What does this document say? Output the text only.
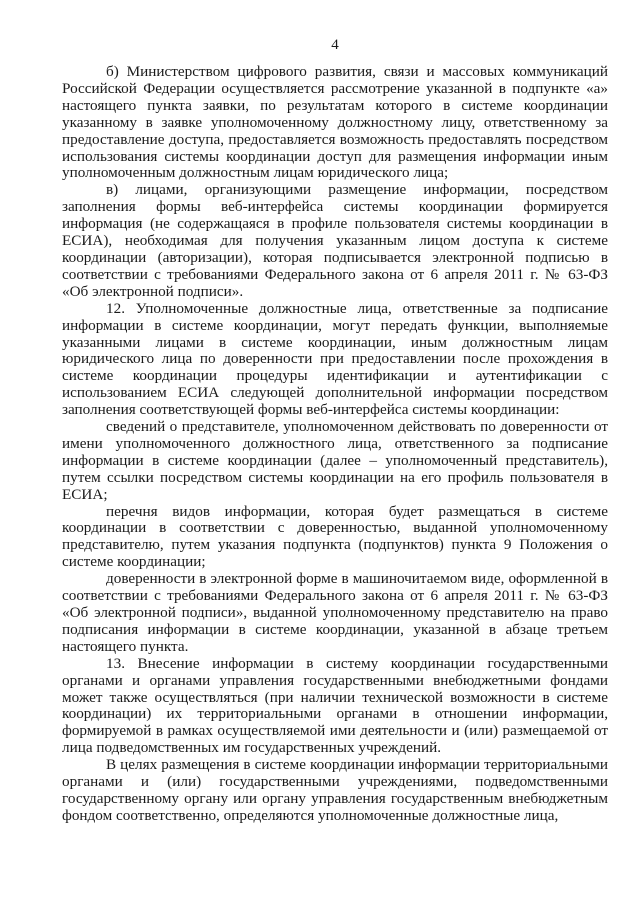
4

б) Министерством цифрового развития, связи и массовых коммуникаций Российской Федерации осуществляется рассмотрение указанной в подпункте «а» настоящего пункта заявки, по результатам которого в системе координации указанному в заявке уполномоченному должностному лицу, ответственному за предоставление доступа, предоставляется возможность предоставлять посредством использования системы координации доступ для размещения информации иным уполномоченным должностным лицам юридического лица;

в) лицами, организующими размещение информации, посредством заполнения формы веб-интерфейса системы координации формируется информация (не содержащаяся в профиле пользователя системы координации в ЕСИА), необходимая для получения указанным лицом доступа к системе координации (авторизации), которая подписывается электронной подписью в соответствии с требованиями Федерального закона от 6 апреля 2011 г. № 63-ФЗ «Об электронной подписи».

12. Уполномоченные должностные лица, ответственные за подписание информации в системе координации, могут передать функции, выполняемые указанными лицами в системе координации, иным должностным лицам юридического лица по доверенности при предоставлении после прохождения в системе координации процедуры идентификации и аутентификации с использованием ЕСИА следующей дополнительной информации посредством заполнения соответствующей формы веб-интерфейса системы координации:

сведений о представителе, уполномоченном действовать по доверенности от имени уполномоченного должностного лица, ответственного за подписание информации в системе координации (далее – уполномоченный представитель), путем ссылки посредством системы координации на его профиль пользователя в ЕСИА;

перечня видов информации, которая будет размещаться в системе координации в соответствии с доверенностью, выданной уполномоченному представителю, путем указания подпункта (подпунктов) пункта 9 Положения о системе координации;

доверенности в электронной форме в машиночитаемом виде, оформленной в соответствии с требованиями Федерального закона от 6 апреля 2011 г. № 63-ФЗ «Об электронной подписи», выданной уполномоченному представителю на право подписания информации в системе координации, указанной в абзаце третьем настоящего пункта.

13. Внесение информации в систему координации государственными органами и органами управления государственными внебюджетными фондами может также осуществляться (при наличии технической возможности в системе координации) их территориальными органами в отношении информации, формируемой в рамках осуществляемой ими деятельности и (или) размещаемой от лица подведомственных им государственных учреждений.

В целях размещения в системе координации информации территориальными органами и (или) государственными учреждениями, подведомственными государственному органу или органу управления государственным внебюджетным фондом соответственно, определяются уполномоченные должностные лица,
